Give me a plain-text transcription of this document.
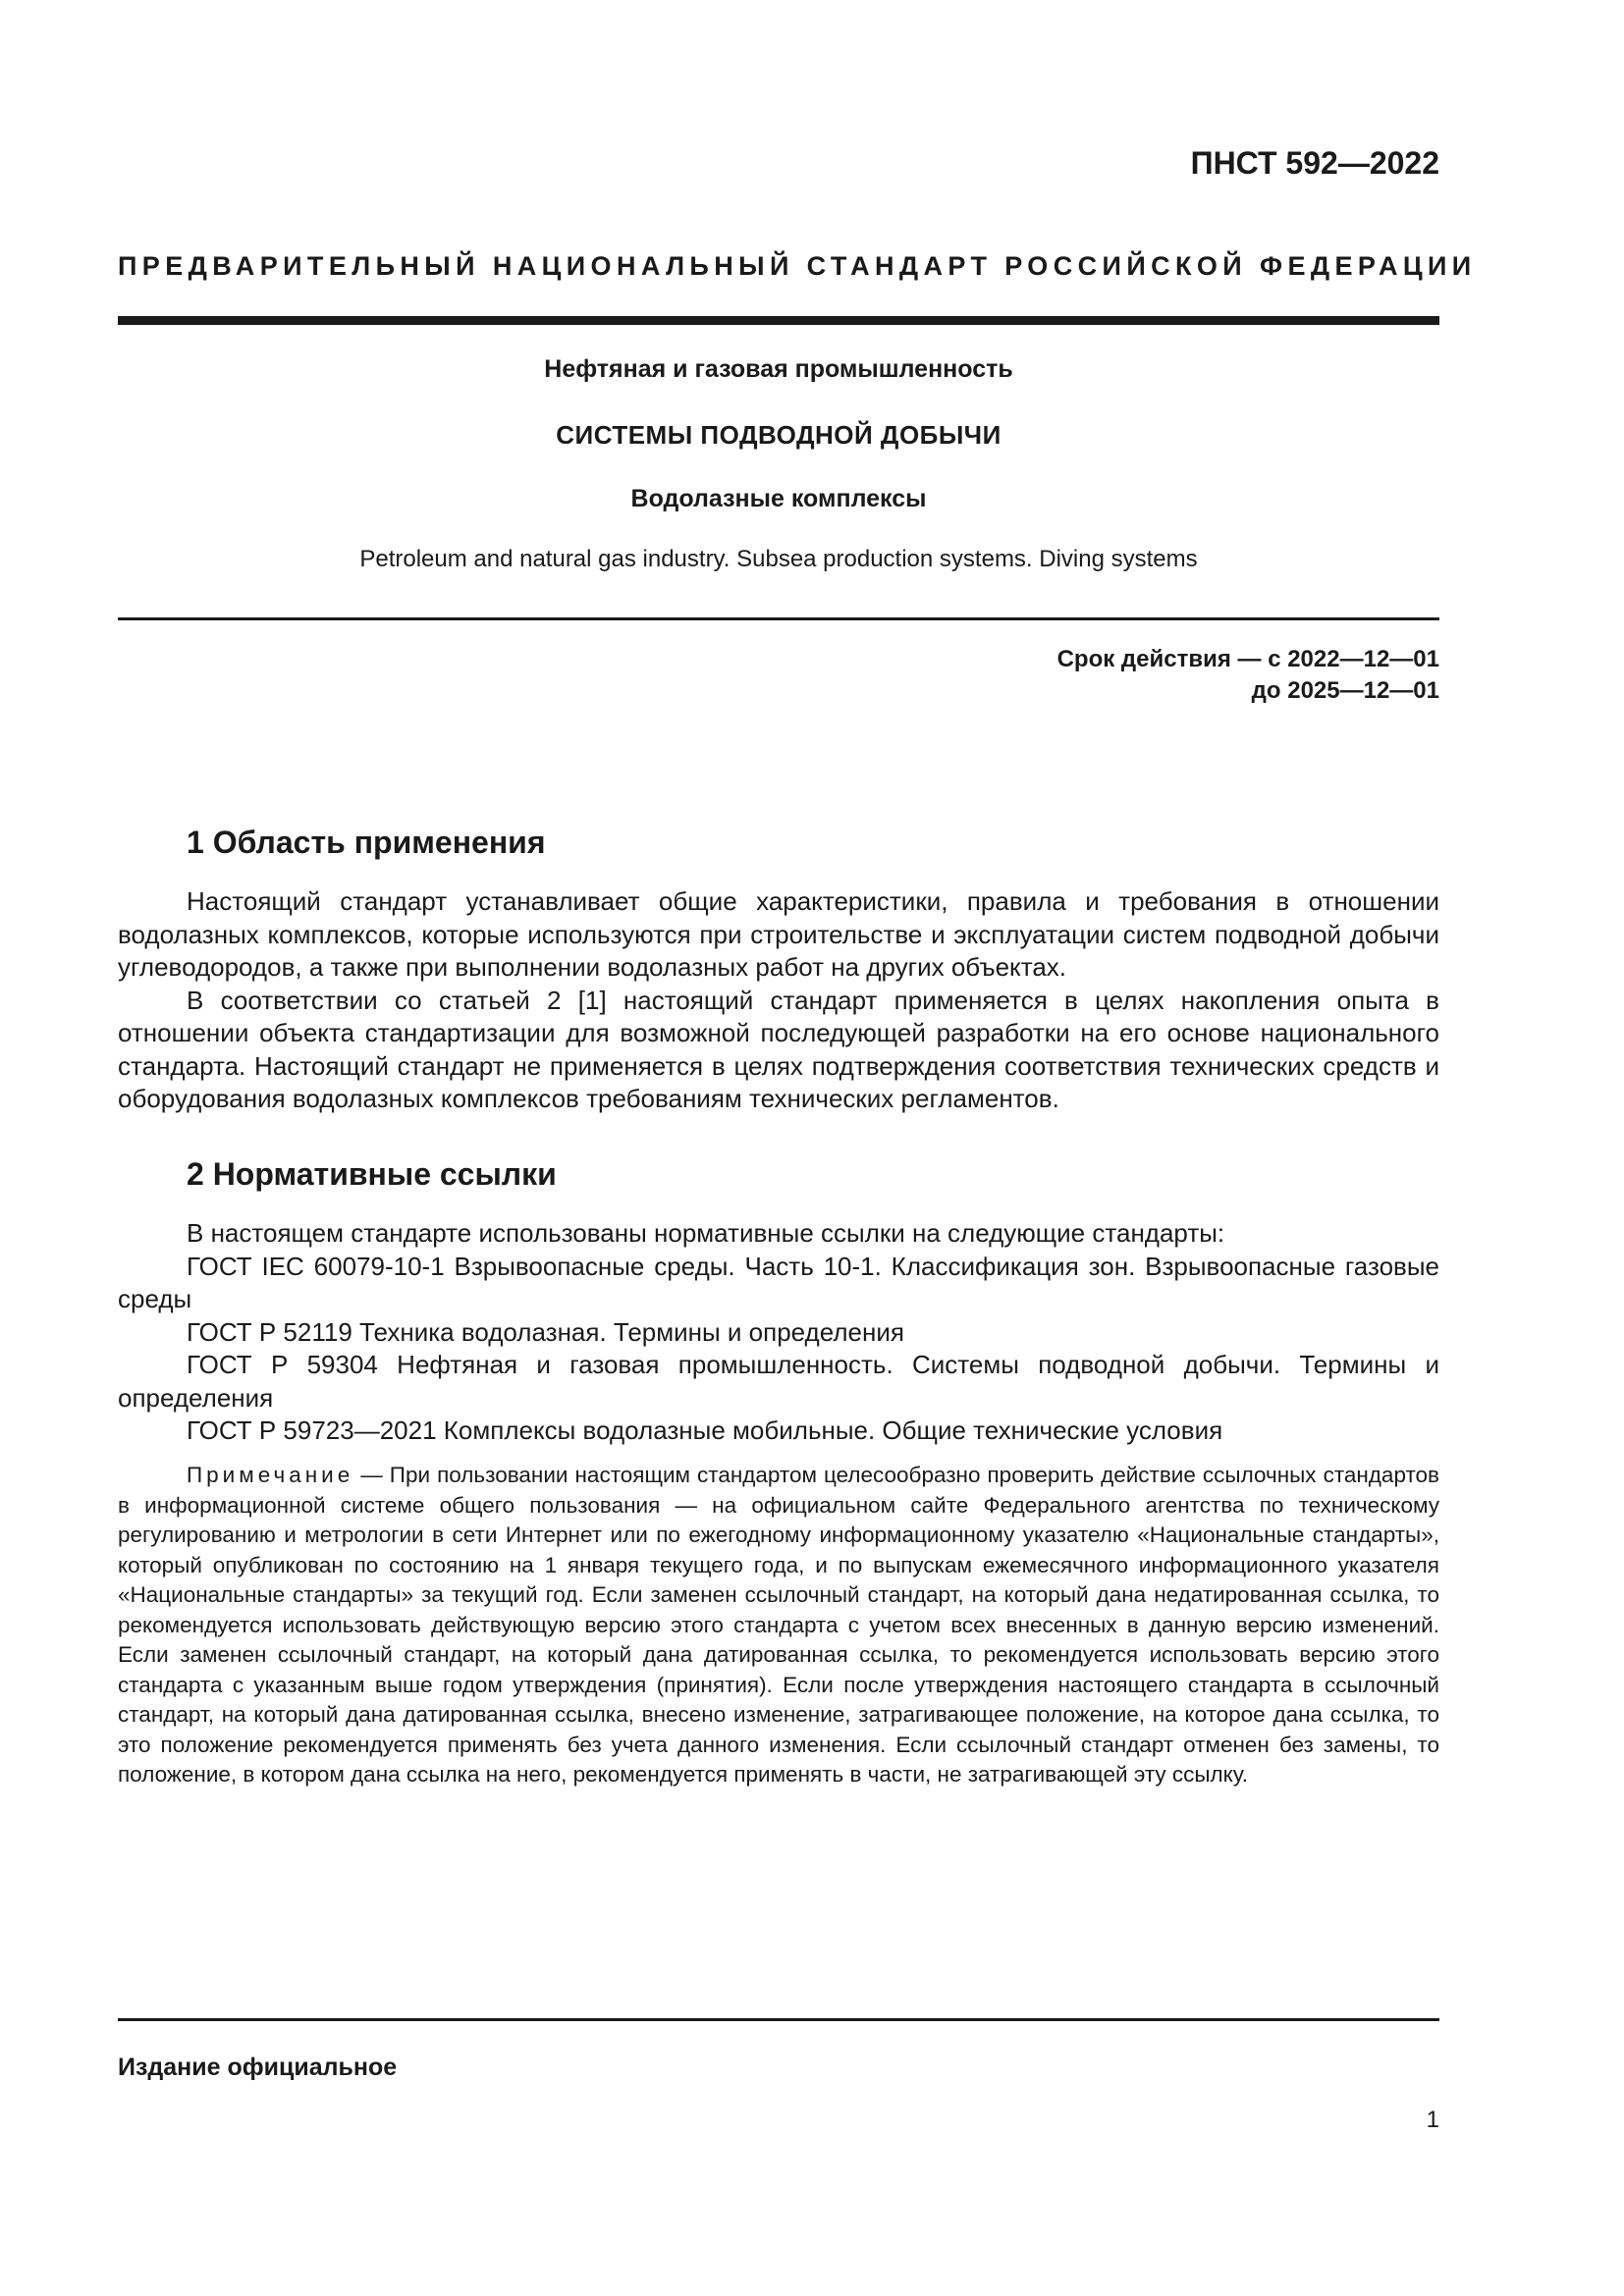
ПНСТ 592—2022
ПРЕДВАРИТЕЛЬНЫЙ НАЦИОНАЛЬНЫЙ СТАНДАРТ РОССИЙСКОЙ ФЕДЕРАЦИИ
Нефтяная и газовая промышленность
СИСТЕМЫ ПОДВОДНОЙ ДОБЫЧИ
Водолазные комплексы
Petroleum and natural gas industry. Subsea production systems. Diving systems
Срок действия — с 2022—12—01
до 2025—12—01
1 Область применения

Настоящий стандарт устанавливает общие характеристики, правила и требования в отношении водолазных комплексов, которые используются при строительстве и эксплуатации систем подводной добычи углеводородов, а также при выполнении водолазных работ на других объектах.

В соответствии со статьей 2 [1] настоящий стандарт применяется в целях накопления опыта в отношении объекта стандартизации для возможной последующей разработки на его основе национального стандарта. Настоящий стандарт не применяется в целях подтверждения соответствия технических средств и оборудования водолазных комплексов требованиям технических регламентов.

2 Нормативные ссылки

В настоящем стандарте использованы нормативные ссылки на следующие стандарты:

ГОСТ IEC 60079-10-1 Взрывоопасные среды. Часть 10-1. Классификация зон. Взрывоопасные газовые среды

ГОСТ Р 52119 Техника водолазная. Термины и определения

ГОСТ Р 59304 Нефтяная и газовая промышленность. Системы подводной добычи. Термины и определения

ГОСТ Р 59723—2021 Комплексы водолазные мобильные. Общие технические условия

Примечание — При пользовании настоящим стандартом целесообразно проверить действие ссылочных стандартов в информационной системе общего пользования — на официальном сайте Федерального агентства по техническому регулированию и метрологии в сети Интернет или по ежегодному информационному указателю «Национальные стандарты», который опубликован по состоянию на 1 января текущего года, и по выпускам ежемесячного информационного указателя «Национальные стандарты» за текущий год. Если заменен ссылочный стандарт, на который дана недатированная ссылка, то рекомендуется использовать действующую версию этого стандарта с учетом всех внесенных в данную версию изменений. Если заменен ссылочный стандарт, на который дана датированная ссылка, то рекомендуется использовать версию этого стандарта с указанным выше годом утверждения (принятия). Если после утверждения настоящего стандарта в ссылочный стандарт, на который дана датированная ссылка, внесено изменение, затрагивающее положение, на которое дана ссылка, то это положение рекомендуется применять без учета данного изменения. Если ссылочный стандарт отменен без замены, то положение, в котором дана ссылка на него, рекомендуется применять в части, не затрагивающей эту ссылку.

Издание официальное
1
